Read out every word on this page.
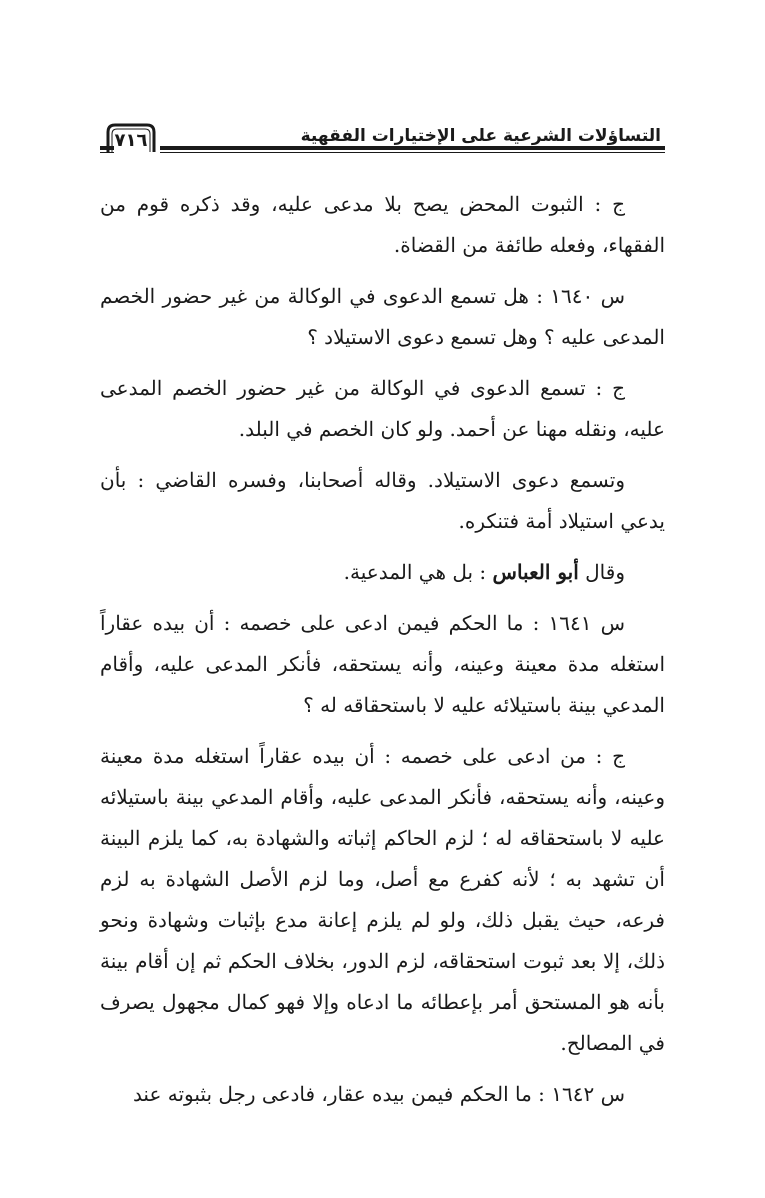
التساؤلات الشرعية على الإختيارات الفقهية
٧١٦

ج : الثبوت المحض يصح بلا مدعى عليه، وقد ذكره قوم من الفقهاء، وفعله طائفة من القضاة.

س ١٦٤٠ : هل تسمع الدعوى في الوكالة من غير حضور الخصم المدعى عليه ؟ وهل تسمع دعوى الاستيلاد ؟

ج : تسمع الدعوى في الوكالة من غير حضور الخصم المدعى عليه، ونقله مهنا عن أحمد. ولو كان الخصم في البلد.

وتسمع دعوى الاستيلاد. وقاله أصحابنا، وفسره القاضي : بأن يدعي استيلاد أمة فتنكره.

وقال أبو العباس : بل هي المدعية.

س ١٦٤١ : ما الحكم فيمن ادعى على خصمه : أن بيده عقاراً استغله مدة معينة وعينه، وأنه يستحقه، فأنكر المدعى عليه، وأقام المدعي بينة باستيلائه عليه لا باستحقاقه له ؟

ج : من ادعى على خصمه : أن بيده عقاراً استغله مدة معينة وعينه، وأنه يستحقه، فأنكر المدعى عليه، وأقام المدعي بينة باستيلائه عليه لا باستحقاقه له ؛ لزم الحاكم إثباته والشهادة به، كما يلزم البينة أن تشهد به ؛ لأنه كفرع مع أصل، وما لزم الأصل الشهادة به لزم فرعه، حيث يقبل ذلك، ولو لم يلزم إعانة مدع بإثبات وشهادة ونحو ذلك، إلا بعد ثبوت استحقاقه، لزم الدور، بخلاف الحكم ثم إن أقام بينة بأنه هو المستحق أمر بإعطائه ما ادعاه وإلا فهو كمال مجهول يصرف في المصالح.

س ١٦٤٢ : ما الحكم فيمن بيده عقار، فادعى رجل بثبوته عند
